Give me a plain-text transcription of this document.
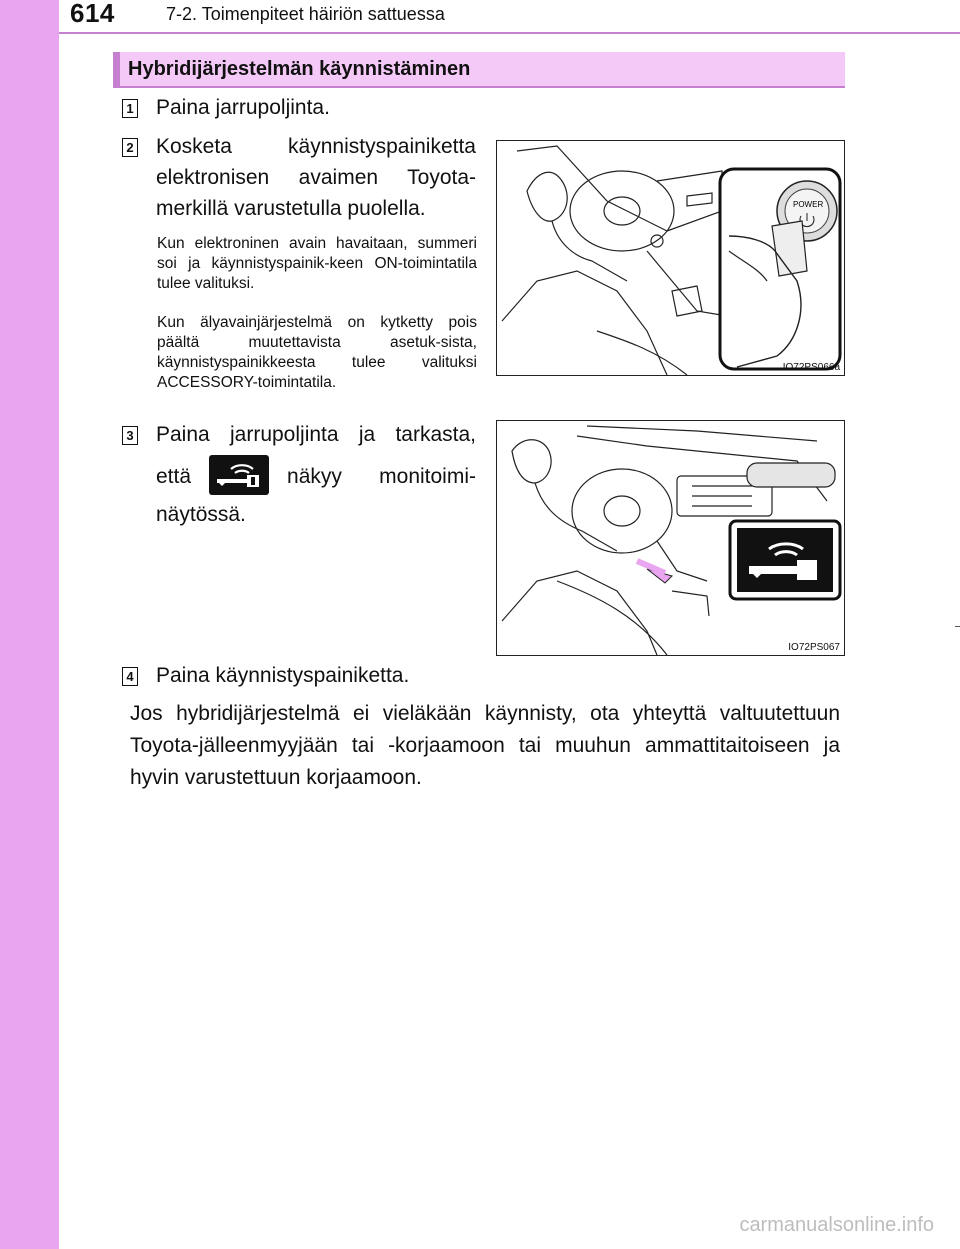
614	7-2. Toimenpiteet häiriön sattuessa
Hybridijärjestelmän käynnistäminen
1 Paina jarrupoljinta.
2 Kosketa käynnistyspainiketta
elektronisen avaimen Toyota-
merkillä varustetulla puolella.
Kun elektroninen avain havaitaan, summeri soi ja käynnistyspainik-keen ON-toimintatila tulee valituksi.
Kun älyavainjärjestelmä on kytketty pois päältä muutettavista asetuk-sista, käynnistyspainikkeesta tulee valituksi ACCESSORY-toimintatila.
POWER
IO72PS066a
3 Paina jarrupoljinta ja tarkasta,
että	näkyy monitoimi-
näytössä.
IO72PS067
4 Paina käynnistyspainiketta.
Jos hybridijärjestelmä ei vieläkään käynnisty, ota yhteyttä valtuutettuun Toyota-jälleenmyyjään tai -korjaamoon tai muuhun ammattitaitoiseen ja hyvin varustettuun korjaamoon.
carmanualsonline.info
